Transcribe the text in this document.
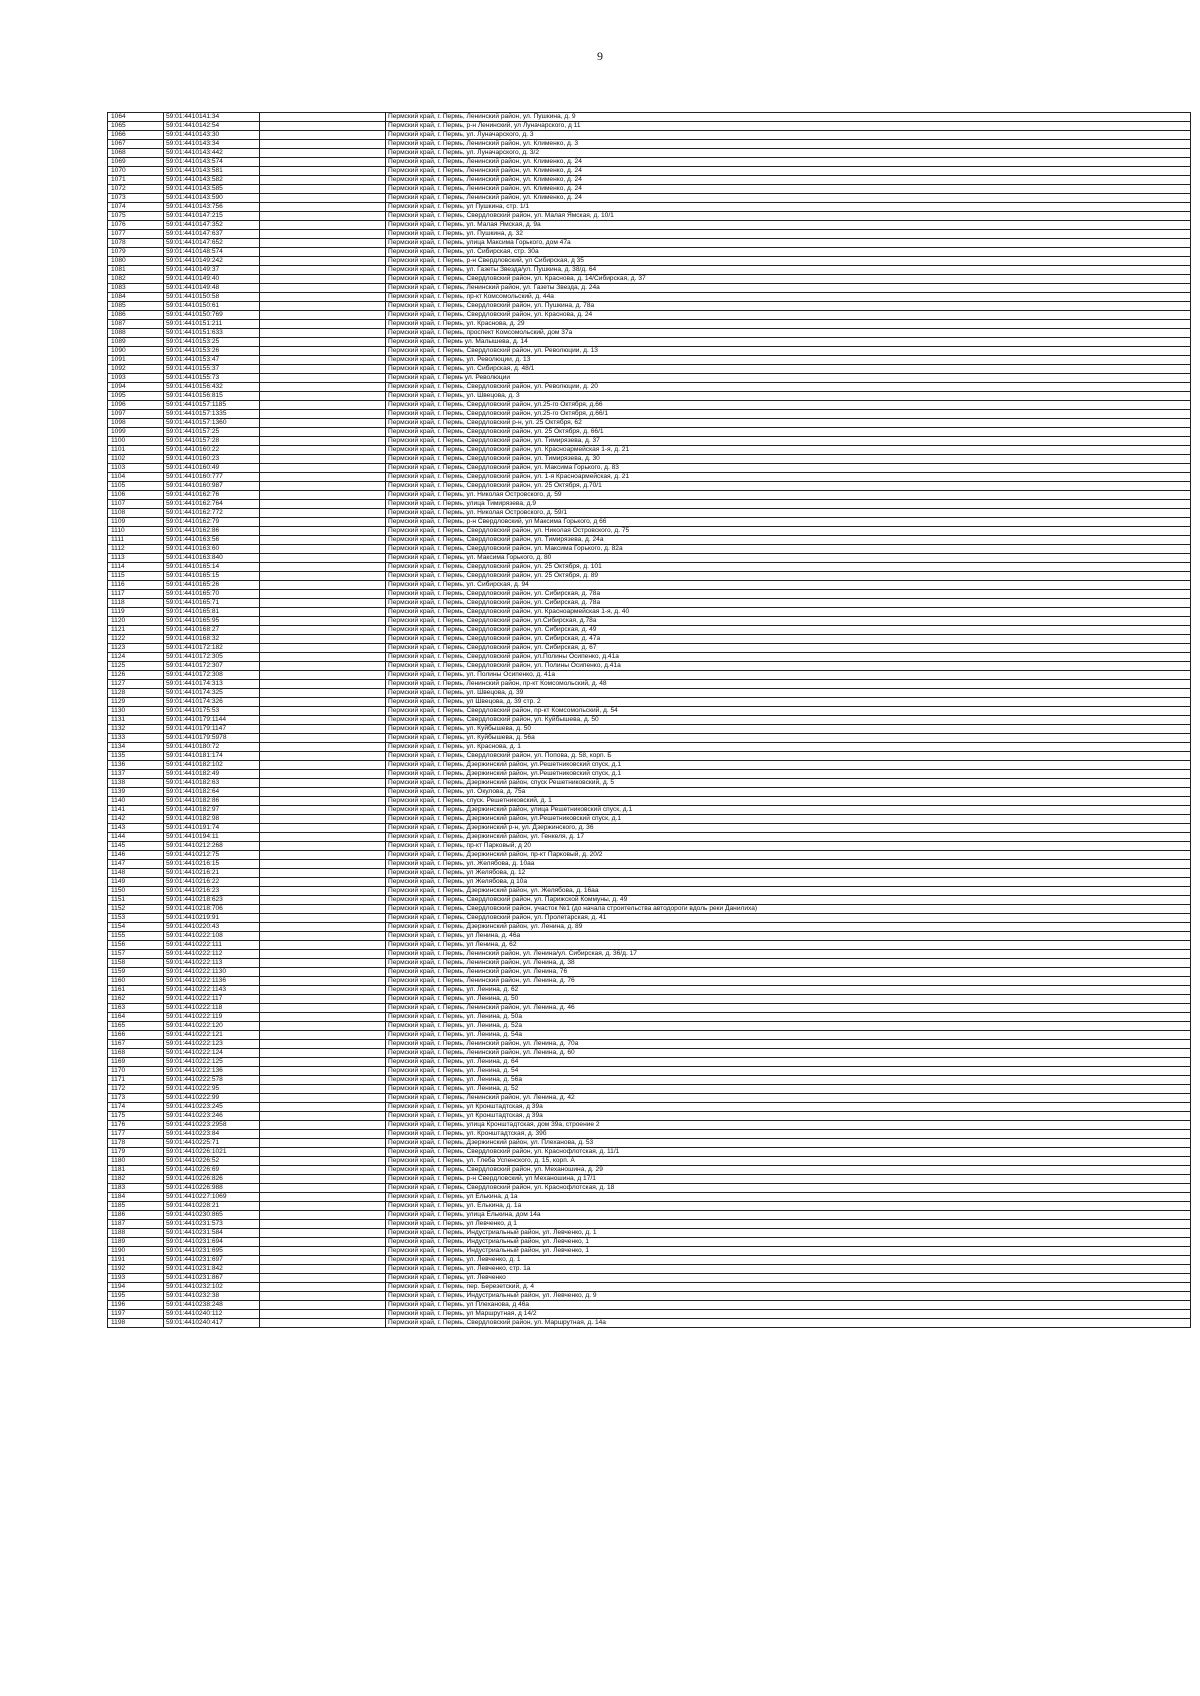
9
1064	59:01:4410141:34		Пермский край, г. Пермь, Ленинский район, ул. Пушкина, д. 9
1065	59:01:4410142:54		Пермский край, г. Пермь, р-н Ленинский, ул Луначарского, д 11
1066	59:01:4410143:30		Пермский край, г. Пермь, ул. Луначарского, д. 3
1067	59:01:4410143:34		Пермский край, г. Пермь, Ленинский район, ул. Клименко, д. 3
1068	59:01:4410143:442		Пермский край, г. Пермь, ул. Луначарского, д. 3/2
1069	59:01:4410143:574		Пермский край, г. Пермь, Ленинский район, ул. Клименко, д. 24
1070	59:01:4410143:581		Пермский край, г. Пермь, Ленинский район, ул. Клименко, д. 24
1071	59:01:4410143:582		Пермский край, г. Пермь, Ленинский район, ул. Клименко, д. 24
1072	59:01:4410143:585		Пермский край, г. Пермь, Ленинский район, ул. Клименко, д. 24
1073	59:01:4410143:590		Пермский край, г. Пермь, Ленинский район, ул. Клименко, д. 24
1074	59:01:4410143:756		Пермский край, г. Пермь, ул Пушкина, стр. 1/1
1075	59:01:4410147:215		Пермский край, г. Пермь, Свердловский район, ул. Малая Ямская, д. 10/1
1076	59:01:4410147:352		Пермский край, г. Пермь, ул. Малая Ямская, д. 9а
1077	59:01:4410147:637		Пермский край, г. Пермь, ул. Пушкина, д. 32
1078	59:01:4410147:652		Пермский край, г. Пермь, улица Максима Горького, дом 47а
1079	59:01:4410148:574		Пермский край, г. Пермь, ул. Сибирская, стр. 30а
1080	59:01:4410149:242		Пермский край, г. Пермь, р-н Свердловский, ул Сибирская, д 35
1081	59:01:4410149:37		Пермский край, г. Пермь, ул. Газеты Звезда/ул. Пушкина, д. 38/д. 64
1082	59:01:4410149:40		Пермский край, г. Пермь, Свердловский район, ул. Краснова, д. 14/Сибирская, д. 37
1083	59:01:4410149:48		Пермский край, г. Пермь, Ленинский район, ул. Газеты Звезда, д. 24а
1084	59:01:4410150:58		Пермский край, г. Пермь, пр-кт Комсомольский, д. 44а
1085	59:01:4410150:61		Пермский край, г. Пермь, Свердловский район, ул. Пушкина, д. 78а
1086	59:01:4410150:769		Пермский край, г. Пермь, Свердловский район, ул. Краснова, д. 24
1087	59:01:4410151:211		Пермский край, г. Пермь, ул. Краснова, д. 29
1088	59:01:4410151:633		Пермский край, г. Пермь, проспект Комсомольский, дом 37а
1089	59:01:4410153:25		Пермский край, г. Пермь ул. Малышева, д. 14
1090	59:01:4410153:26		Пермский край, г. Пермь, Свердловский район, ул. Революции, д. 13
1091	59:01:4410153:47		Пермский край, г. Пермь, ул. Революции, д. 13
1092	59:01:4410155:37		Пермский край, г. Пермь, ул. Сибирская, д. 48/1
1093	59:01:4410155:73		Пермский край, г. Пермь ул. Революции
1094	59:01:4410156:432		Пермский край, г. Пермь, Свердловский район, ул. Революции, д. 20
1095	59:01:4410156:815		Пермский край, г. Пермь, ул. Швецова, д. 3
1096	59:01:4410157:1185		Пермский край, г. Пермь, Свердловский район, ул.25-го Октября, д.66
1097	59:01:4410157:1335		Пермский край, г. Пермь, Свердловский район, ул.25-го Октября, д.66/1
1098	59:01:4410157:1360		Пермский край, г. Пермь, Свердловский р-н, ул. 25 Октября, 62
1099	59:01:4410157:25		Пермский край, г. Пермь, Свердловский район, ул. 25 Октября, д. 66/1
1100	59:01:4410157:28		Пермский край, г. Пермь, Свердловский район, ул. Тимирязева, д. 37
1101	59:01:4410160:22		Пермский край, г. Пермь, Свердловский район, ул. Красноармейская 1-я, д. 21
1102	59:01:4410160:23		Пермский край, г. Пермь, Свердловский район, ул. Тимирязева, д. 30
1103	59:01:4410160:49		Пермский край, г. Пермь, Свердловский район, ул. Максима Горького, д. 83
1104	59:01:4410160:777		Пермский край, г. Пермь, Свердловский район, ул. 1-я Красноармейская, д. 21
1105	59:01:4410160:987		Пермский край, г. Пермь, Свердловский район, ул. 25 Октября, д.70/1
1106	59:01:4410162:76		Пермский край, г. Пермь, ул. Николая Островского, д. 59
1107	59:01:4410162:764		Пермский край, г. Пермь, улица Тимирязева, д.9
1108	59:01:4410162:772		Пермский край, г. Пермь, ул. Николая Островского, д. 59/1
1109	59:01:4410162:79		Пермский край, г. Пермь, р-н Свердловский, ул Максима Горького, д 66
1110	59:01:4410162:86		Пермский край, г. Пермь, Свердловский район, ул. Николая Островского, д. 75
1111	59:01:4410163:56		Пермский край, г. Пермь, Свердловский район, ул. Тимирязева, д. 24а
1112	59:01:4410163:60		Пермский край, г. Пермь, Свердловский район, ул. Максима Горького, д. 82а
1113	59:01:4410163:840		Пермский край, г. Пермь, ул. Максима Горького, д. 80
1114	59:01:4410165:14		Пермский край, г. Пермь, Свердловский район, ул. 25 Октября, д. 101
1115	59:01:4410165:15		Пермский край, г. Пермь, Свердловский район, ул. 25 Октября, д. 89
1116	59:01:4410165:26		Пермский край, г. Пермь, ул. Сибирская, д. 94
1117	59:01:4410165:70		Пермский край, г. Пермь, Свердловский район, ул. Сибирская, д. 78а
1118	59:01:4410165:71		Пермский край, г. Пермь, Свердловский район, ул. Сибирская, д. 78а
1119	59:01:4410165:81		Пермский край, г. Пермь, Свердловский район, ул. Красноармейская 1-я, д. 40
1120	59:01:4410165:95		Пермский край, г. Пермь, Свердловский район, ул.Сибирская, д.78а
1121	59:01:4410168:27		Пермский край, г. Пермь, Свердловский район, ул. Сибирская, д. 49
1122	59:01:4410168:32		Пермский край, г. Пермь, Свердловский район, ул. Сибирская, д. 47а
1123	59:01:4410172:182		Пермский край, г. Пермь, Свердловский район, ул. Сибирская, д. 67
1124	59:01:4410172:305		Пермский край, г. Пермь, Свердловский район, ул.Полины Осипенко, д.41а
1125	59:01:4410172:307		Пермский край, г. Пермь, Свердловский район, ул. Полины Осипенко, д.41а
1126	59:01:4410172:308		Пермский край, г. Пермь, ул. Полины Осипенко, д. 41а
1127	59:01:4410174:313		Пермский край, г. Пермь, Ленинский район, пр-кт Комсомольский, д. 48
1128	59:01:4410174:325		Пермский край, г. Пермь, ул. Швецова, д. 39
1129	59:01:4410174:326		Пермский край, г. Пермь, ул Швецова, д. 39 стр. 2
1130	59:01:4410175:53		Пермский край, г. Пермь, Свердловский район, пр-кт Комсомольский, д. 54
1131	59:01:4410179:1144		Пермский край, г. Пермь, Свердловский район, ул. Куйбышева, д. 50
1132	59:01:4410179:1147		Пермский край, г. Пермь, ул. Куйбышева, д. 50
1133	59:01:4410179:5978		Пермский край, г. Пермь, ул. Куйбышева, д. 56а
1134	59:01:4410180:72		Пермский край, г. Пермь, ул. Краснова, д. 1
1135	59:01:4410181:174		Пермский край, г. Пермь, Свердловский район, ул. Попова, д. 58, корп. Б
1136	59:01:4410182:102		Пермский край, г. Пермь, Дзержинский район, ул.Решетниковский спуск, д.1
1137	59:01:4410182:49		Пермский край, г. Пермь, Дзержинский район, ул.Решетниковский спуск, д.1
1138	59:01:4410182:63		Пермский край, г. Пермь, Дзержинский район, спуск Решетниковский, д. 5
1139	59:01:4410182:64		Пермский край, г. Пермь, ул. Окулова, д. 75а
1140	59:01:4410182:86		Пермский край, г. Пермь, спуск. Решетниковский, д. 1
1141	59:01:4410182:97		Пермский край, г. Пермь, Дзержинский район, улица Решетниковский спуск, д.1
1142	59:01:4410182:98		Пермский край, г. Пермь, Дзержинский район, ул.Решетниковский спуск, д.1
1143	59:01:4410191:74		Пермский край, г. Пермь, Дзержинский р-н, ул. Дзержинского, д. 36
1144	59:01:4410194:11		Пермский край, г. Пермь, Дзержинский район, ул. Генкеля, д. 17
1145	59:01:4410212:268		Пермский край, г. Пермь, пр-кт Парковый, д 20
1146	59:01:4410212:75		Пермский край, г. Пермь, Дзержинский район, пр-кт Парковый, д. 20/2
1147	59:01:4410216:15		Пермский край, г. Пермь, ул. Желябова, д. 10аа
1148	59:01:4410216:21		Пермский край, г. Пермь, ул Желябова, д. 12
1149	59:01:4410216:22		Пермский край, г. Пермь, ул Желябова, д 10а
1150	59:01:4410216:23		Пермский край, г. Пермь, Дзержинский район, ул. Желябова, д. 16аа
1151	59:01:4410218:623		Пермский край, г. Пермь, Свердловский район, ул. Парижской Коммуны, д. 49
1152	59:01:4410218:706		Пермский край, г. Пермь, Свердловский район, участок №1 (до начала строительства автодороги вдоль реки Данилиха)
1153	59:01:4410219:91		Пермский край, г. Пермь, Свердловский район, ул. Пролетарская, д. 41
1154	59:01:4410220:43		Пермский край, г. Пермь, Дзержинский район, ул. Ленина, д. 89
1155	59:01:4410222:108		Пермский край, г. Пермь, ул Ленина, д. 46а
1156	59:01:4410222:111		Пермский край, г. Пермь, ул Ленина, д. 62
1157	59:01:4410222:112		Пермский край, г. Пермь, Ленинский район, ул. Ленина/ул. Сибирская, д. 36/д. 17
1158	59:01:4410222:113		Пермский край, г. Пермь, Ленинский район, ул. Ленина, д. 38
1159	59:01:4410222:1130		Пермский край, г. Пермь, Ленинский район, ул. Ленина, 76
1160	59:01:4410222:1136		Пермский край, г. Пермь, Ленинский район, ул. Ленина, д. 76
1161	59:01:4410222:1143		Пермский край, г. Пермь, ул. Ленина, д. 62
1162	59:01:4410222:117		Пермский край, г. Пермь, ул. Ленина, д. 50
1163	59:01:4410222:118		Пермский край, г. Пермь, Ленинский район, ул. Ленина, д. 46
1164	59:01:4410222:119		Пермский край, г. Пермь, ул. Ленина, д. 50а
1165	59:01:4410222:120		Пермский край, г. Пермь, ул. Ленина, д. 52а
1166	59:01:4410222:121		Пермский край, г. Пермь, ул. Ленина, д. 54а
1167	59:01:4410222:123		Пермский край, г. Пермь, Ленинский район, ул. Ленина, д. 70а
1168	59:01:4410222:124		Пермский край, г. Пермь, Ленинский район, ул. Ленина, д. 60
1169	59:01:4410222:125		Пермский край, г. Пермь, ул. Ленина, д. 64
1170	59:01:4410222:136		Пермский край, г. Пермь, ул. Ленина, д. 54
1171	59:01:4410222:578		Пермский край, г. Пермь, ул. Ленина, д. 56а
1172	59:01:4410222:95		Пермский край, г. Пермь, ул. Ленина, д. 52
1173	59:01:4410222:99		Пермский край, г. Пермь, Ленинский район, ул. Ленина, д. 42
1174	59:01:4410223:245		Пермский край, г. Пермь, ул Кронштадтская, д 39а
1175	59:01:4410223:246		Пермский край, г. Пермь, ул Кронштадтская, д 39а
1176	59:01:4410223:2958		Пермский край, г. Пермь, улица Кронштадтская, дом 39а, строение 2
1177	59:01:4410223:84		Пермский край, г. Пермь, ул. Кронштадтская, д. 39б
1178	59:01:4410225:71		Пермский край, г. Пермь, Дзержинский район, ул. Плеханова, д. 53
1179	59:01:4410226:1021		Пермский край, г. Пермь, Свердловский район, ул. Краснофлотская, д. 11/1
1180	59:01:4410226:52		Пермский край, г. Пермь, ул. Глеба Успенского, д. 15, корп. А
1181	59:01:4410226:69		Пермский край, г. Пермь, Свердловский район, ул. Механошина, д. 29
1182	59:01:4410226:826		Пермский край, г. Пермь, р-н Свердловский, ул Механошина, д 17/1
1183	59:01:4410226:988		Пермский край, г. Пермь, Свердловский район, ул. Краснофлотская, д. 18
1184	59:01:4410227:1069		Пермский край, г. Пермь, ул Елькина, д 1а
1185	59:01:4410228:21		Пермский край, г. Пермь, ул. Елькина, д. 1а
1186	59:01:4410230:865		Пермский край, г. Пермь, улица Елькина, дом 14а
1187	59:01:4410231:573		Пермский край, г. Пермь, ул Левченко, д 1
1188	59:01:4410231:584		Пермский край, г. Пермь, Индустриальный район, ул. Левченко, д. 1
1189	59:01:4410231:694		Пермский край, г. Пермь, Индустриальный район, ул. Левченко, 1
1190	59:01:4410231:695		Пермский край, г. Пермь, Индустриальный район, ул. Левченко, 1
1191	59:01:4410231:697		Пермский край, г. Пермь, ул. Левченко, д. 1
1192	59:01:4410231:842		Пермский край, г. Пермь, ул. Левченко, стр. 1а
1193	59:01:4410231:867		Пермский край, г. Пермь, ул. Левченко
1194	59:01:4410232:102		Пермский край, г. Пермь, пер. Березетский, д. 4
1195	59:01:4410232:38		Пермский край, г. Пермь, Индустриальный район, ул. Левченко, д. 9
1196	59:01:4410238:248		Пермский край, г. Пермь, ул Плеханова, д 46а
1197	59:01:4410240:112		Пермский край, г. Пермь, ул Маршрутная, д 14/2
1198	59:01:4410240:417		Пермский край, г. Пермь, Свердловский район, ул. Маршрутная, д. 14а
